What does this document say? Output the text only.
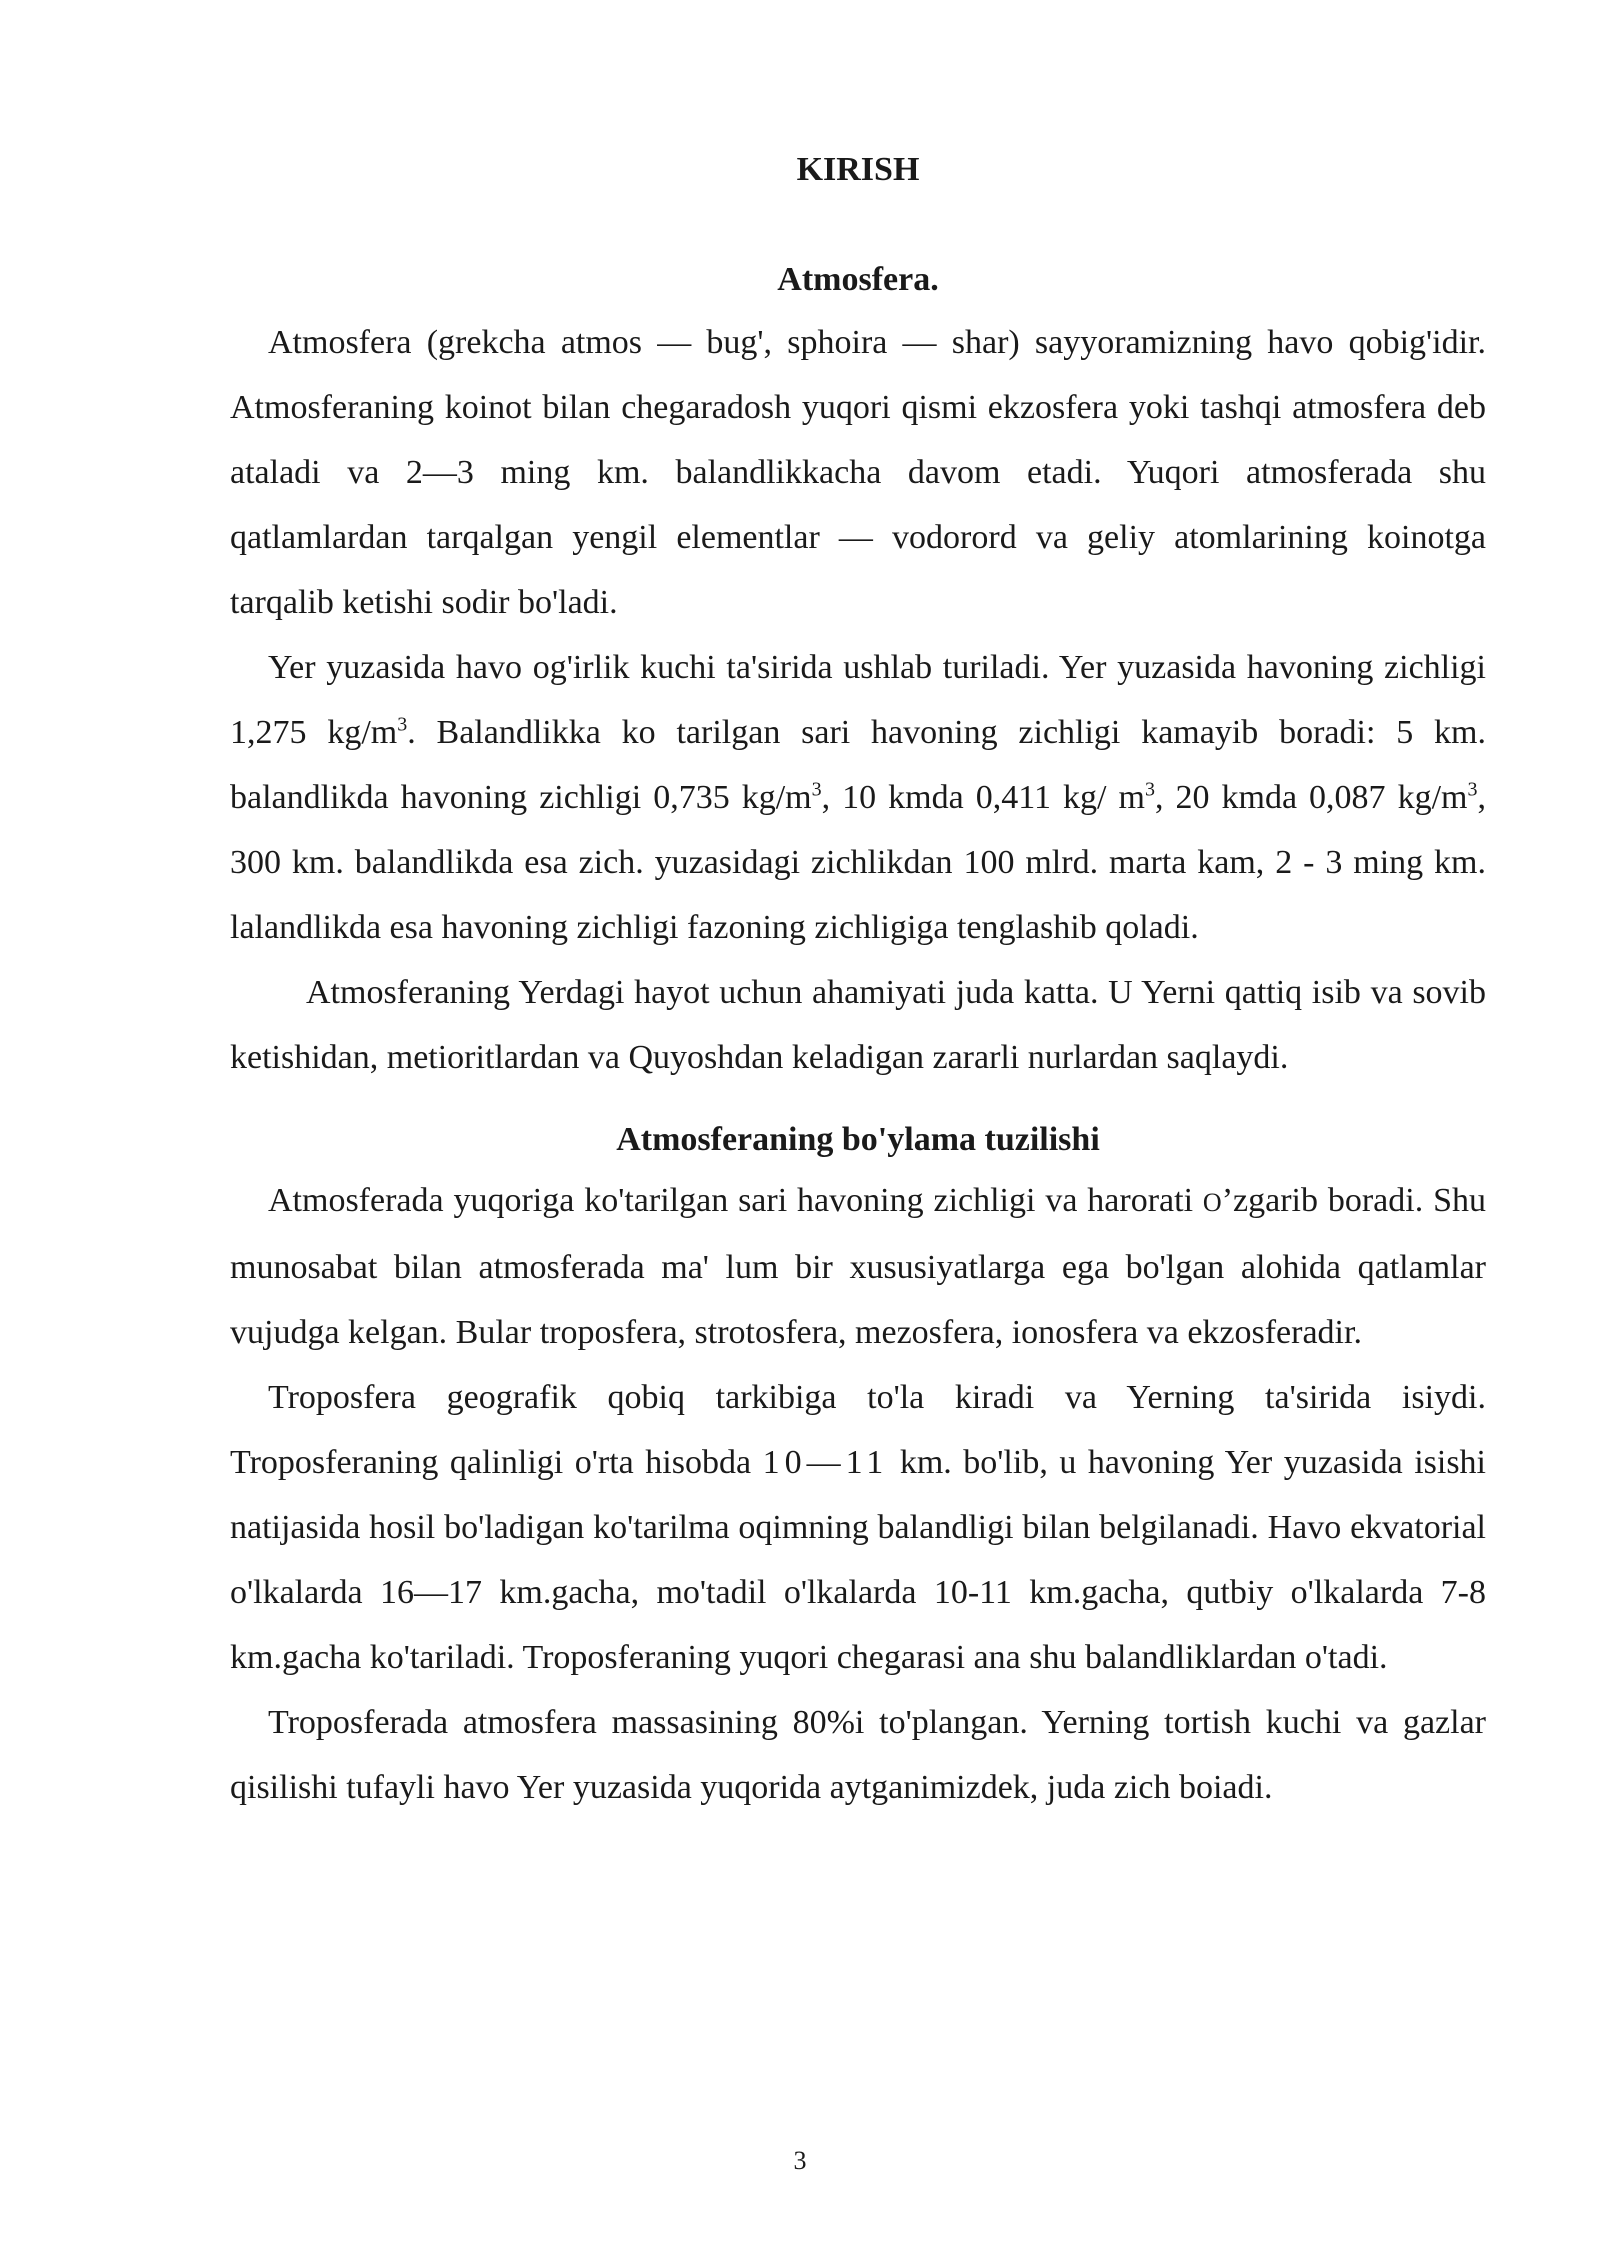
KIRISH
Atmosfera.

Atmosfera (grekcha atmos — bug', sphoira — shar) sayyoramizning havo qobig'idir. Atmosferaning koinot bilan chegaradosh yuqori qismi ekzosfera yoki tashqi atmosfera deb ataladi va 2—3 ming km. balandlikkacha davom etadi. Yuqori atmosferada shu qatlamlardan tarqalgan yengil elementlar — vodorord va geliy atomlarining koinotga tarqalib ketishi sodir bo'ladi.

Yer yuzasida havo og'irlik kuchi ta'sirida ushlab turiladi. Yer yuzasida havoning zichligi 1,275 $kg/m^3$. Balandlikka ko tarilgan sari havoning zichligi kamayib boradi: 5 km. balandlikda havoning zichligi 0,735 $kg/m^3$, 10 kmda 0,411 kg/ $m^3$, 20 kmda 0,087 $kg/m^3$, 300 km. balandlikda esa zich. yuzasidagi zichlikdan 100 mlrd. marta kam, 2 - 3 ming km. lalandlikda esa havoning zichligi fazoning zichligiga tenglashib qoladi.

Atmosferaning Yerdagi hayot uchun ahamiyati juda katta. U Yerni qattiq isib va sovib ketishidan, metioritlardan va Quyoshdan keladigan zararli nurlardan saqlaydi.

Atmosferaning bo'ylama tuzilishi

Atmosferada yuqoriga ko'tarilgan sari havoning zichligi va harorati O’zgarib boradi. Shu munosabat bilan atmosferada ma' lum bir xususiyatlarga ega bo'lgan alohida qatlamlar vujudga kelgan. Bular troposfera, strotosfera, mezosfera, ionosfera va ekzosferadir.

Troposfera geografik qobiq tarkibiga to'la kiradi va Yerning ta'sirida isiydi. Troposferaning qalinligi o'rta hisobda 10—11 km. bo'lib, u havoning Yer yuzasida isishi natijasida hosil bo'ladigan ko'tarilma oqimning balandligi bilan belgilanadi. Havo ekvatorial o'lkalarda 16—17 km.gacha, mo'tadil o'lkalarda 10-11 km.gacha, qutbiy o'lkalarda 7-8 km.gacha ko'tariladi. Troposferaning yuqori chegarasi ana shu balandliklardan o'tadi.

Troposferada atmosfera massasining 80%i to'plangan. Yerning tortish kuchi va gazlar qisilishi tufayli havo Yer yuzasida yuqorida aytganimizdek, juda zich boiadi.

3
